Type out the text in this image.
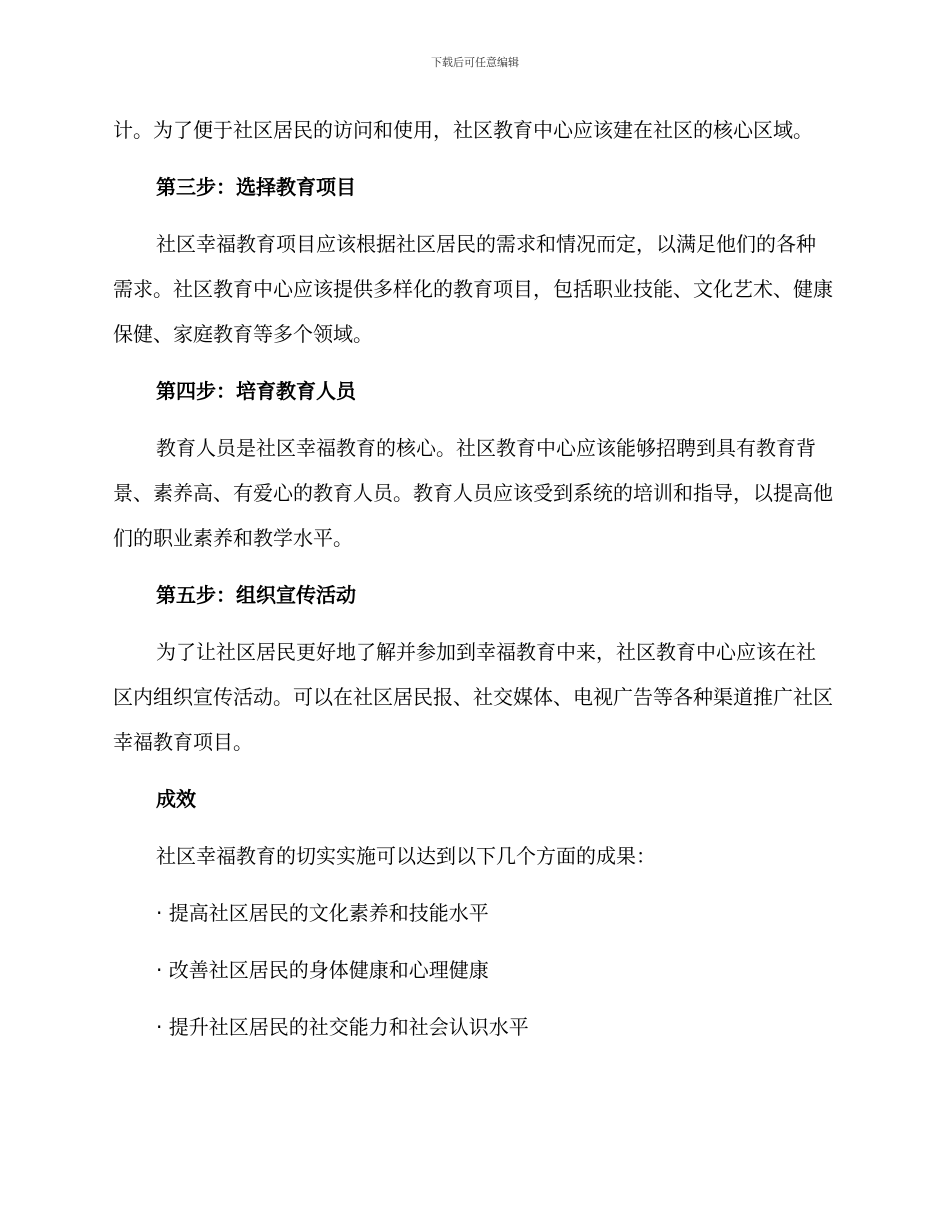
下载后可任意编辑

计。为了便于社区居民的访问和使用，社区教育中心应该建在社区的核心区域。

第三步：选择教育项目

社区幸福教育项目应该根据社区居民的需求和情况而定，以满足他们的各种需求。社区教育中心应该提供多样化的教育项目，包括职业技能、文化艺术、健康保健、家庭教育等多个领域。

第四步：培育教育人员

教育人员是社区幸福教育的核心。社区教育中心应该能够招聘到具有教育背景、素养高、有爱心的教育人员。教育人员应该受到系统的培训和指导，以提高他们的职业素养和教学水平。

第五步：组织宣传活动

为了让社区居民更好地了解并参加到幸福教育中来，社区教育中心应该在社区内组织宣传活动。可以在社区居民报、社交媒体、电视广告等各种渠道推广社区幸福教育项目。

成效

社区幸福教育的切实实施可以达到以下几个方面的成果：

· 提高社区居民的文化素养和技能水平

· 改善社区居民的身体健康和心理健康

· 提升社区居民的社交能力和社会认识水平
